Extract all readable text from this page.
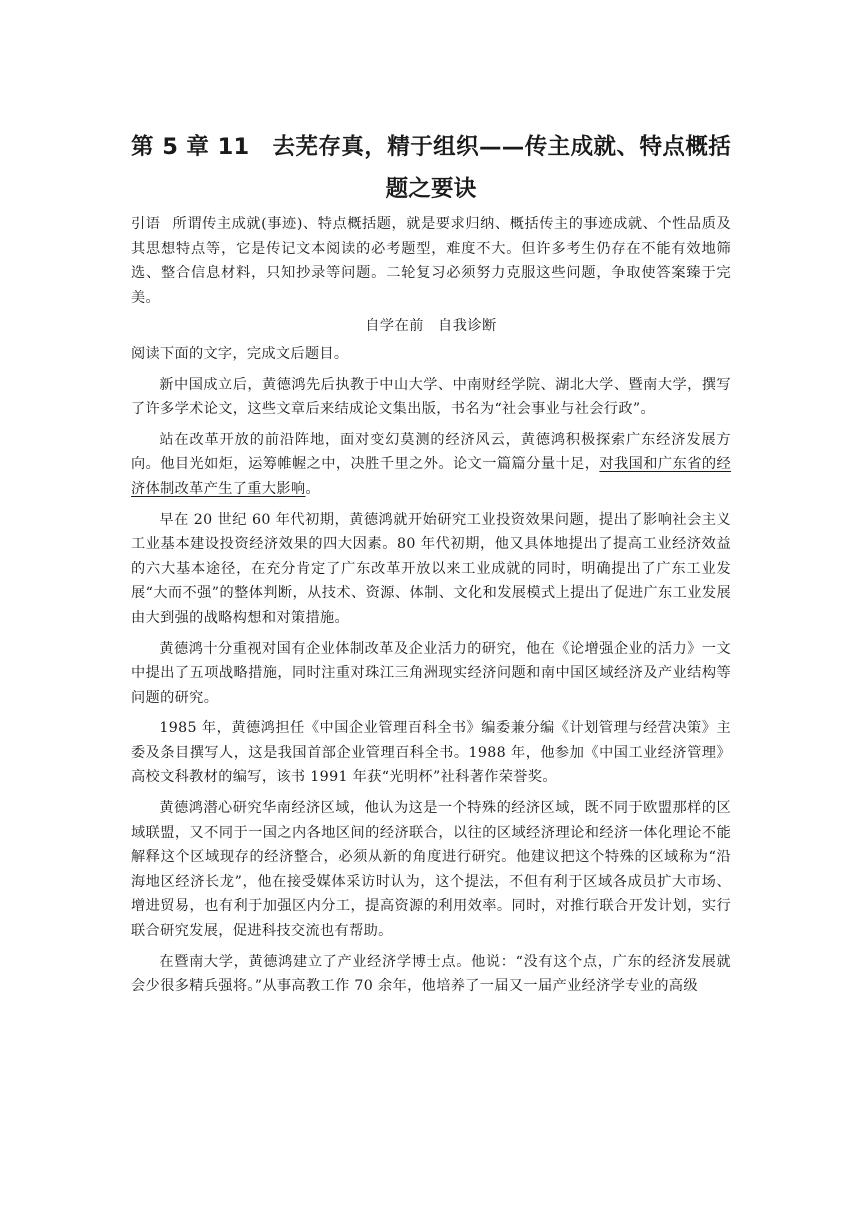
第 5 章 11　去芜存真，精于组织——传主成就、特点概括题之要诀
引语 所谓传主成就(事迹)、特点概括题，就是要求归纳、概括传主的事迹成就、个性品质及其思想特点等，它是传记文本阅读的必考题型，难度不大。但许多考生仍存在不能有效地筛选、整合信息材料，只知抄录等问题。二轮复习必须努力克服这些问题，争取使答案臻于完美。
自学在前 自我诊断
阅读下面的文字，完成文后题目。

新中国成立后，黄德鸿先后执教于中山大学、中南财经学院、湖北大学、暨南大学，撰写了许多学术论文，这些文章后来结成论文集出版，书名为“社会事业与社会行政”。

站在改革开放的前沿阵地，面对变幻莫测的经济风云，黄德鸿积极探索广东经济发展方向。他目光如炬，运筹帷幄之中，决胜千里之外。论文一篇篇分量十足，对我国和广东省的经济体制改革产生了重大影响。

早在 20 世纪 60 年代初期，黄德鸿就开始研究工业投资效果问题，提出了影响社会主义工业基本建设投资经济效果的四大因素。80 年代初期，他又具体地提出了提高工业经济效益的六大基本途径，在充分肯定了广东改革开放以来工业成就的同时，明确提出了广东工业发展“大而不强”的整体判断，从技术、资源、体制、文化和发展模式上提出了促进广东工业发展由大到强的战略构想和对策措施。

黄德鸿十分重视对国有企业体制改革及企业活力的研究，他在《论增强企业的活力》一文中提出了五项战略措施，同时注重对珠江三角洲现实经济问题和南中国区域经济及产业结构等问题的研究。

1985 年，黄德鸿担任《中国企业管理百科全书》编委兼分编《计划管理与经营决策》主委及条目撰写人，这是我国首部企业管理百科全书。1988 年，他参加《中国工业经济管理》高校文科教材的编写，该书 1991 年获“光明杯”社科著作荣誉奖。

黄德鸿潜心研究华南经济区域，他认为这是一个特殊的经济区域，既不同于欧盟那样的区域联盟，又不同于一国之内各地区间的经济联合，以往的区域经济理论和经济一体化理论不能解释这个区域现存的经济整合，必须从新的角度进行研究。他建议把这个特殊的区域称为“沿海地区经济长龙”，他在接受媒体采访时认为，这个提法，不但有利于区域各成员扩大市场、增进贸易，也有利于加强区内分工，提高资源的利用效率。同时，对推行联合开发计划，实行联合研究发展，促进科技交流也有帮助。

在暨南大学，黄德鸿建立了产业经济学博士点。他说：“没有这个点，广东的经济发展就会少很多精兵强将。”从事高教工作 70 余年，他培养了一届又一届产业经济学专业的高级
